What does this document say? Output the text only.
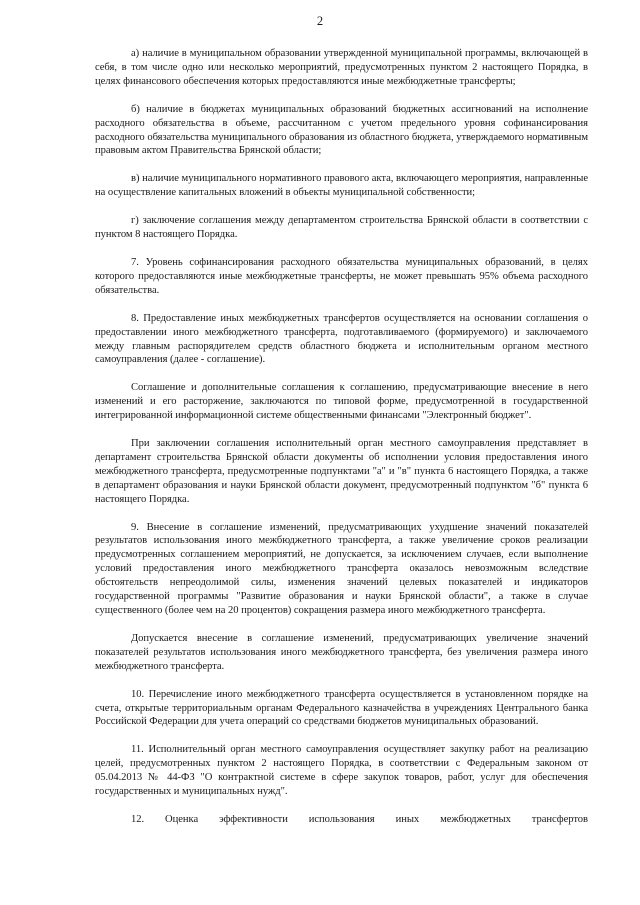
2

а) наличие в муниципальном образовании утвержденной муниципальной программы, включающей в себя, в том числе одно или несколько мероприятий, предусмотренных пунктом 2 настоящего Порядка, в целях финансового обеспечения которых предоставляются иные межбюджетные трансферты;

б) наличие в бюджетах муниципальных образований бюджетных ассигнований на исполнение расходного обязательства в объеме, рассчитанном с учетом предельного уровня софинансирования расходного обязательства муниципального образования из областного бюджета, утверждаемого нормативным правовым актом Правительства Брянской области;

в) наличие муниципального нормативного правового акта, включающего мероприятия, направленные на осуществление капитальных вложений в объекты муниципальной собственности;

г) заключение соглашения между департаментом строительства Брянской области в соответствии с пунктом 8 настоящего Порядка.

7. Уровень софинансирования расходного обязательства муниципальных образований, в целях которого предоставляются иные межбюджетные трансферты, не может превышать 95% объема расходного обязательства.

8. Предоставление иных межбюджетных трансфертов осуществляется на основании соглашения о предоставлении иного межбюджетного трансферта, подготавливаемого (формируемого) и заключаемого между главным распорядителем средств областного бюджета и исполнительным органом местного самоуправления (далее - соглашение).

Соглашение и дополнительные соглашения к соглашению, предусматривающие внесение в него изменений и его расторжение, заключаются по типовой форме, предусмотренной в государственной интегрированной информационной системе общественными финансами "Электронный бюджет".

При заключении соглашения исполнительный орган местного самоуправления представляет в департамент строительства Брянской области документы об исполнении условия предоставления иного межбюджетного трансферта, предусмотренные подпунктами "а" и "в" пункта 6 настоящего Порядка, а также в департамент образования и науки Брянской области документ, предусмотренный подпунктом "б" пункта 6 настоящего Порядка.

9. Внесение в соглашение изменений, предусматривающих ухудшение значений показателей результатов использования иного межбюджетного трансферта, а также увеличение сроков реализации предусмотренных соглашением мероприятий, не допускается, за исключением случаев, если выполнение условий предоставления иного межбюджетного трансферта оказалось невозможным вследствие обстоятельств непреодолимой силы, изменения значений целевых показателей и индикаторов государственной программы "Развитие образования и науки Брянской области", а также в случае существенного (более чем на 20 процентов) сокращения размера иного межбюджетного трансферта.

Допускается внесение в соглашение изменений, предусматривающих увеличение значений показателей результатов использования иного межбюджетного трансферта, без увеличения размера иного межбюджетного трансферта.

10. Перечисление иного межбюджетного трансферта осуществляется в установленном порядке на счета, открытые территориальным органам Федерального казначейства в учреждениях Центрального банка Российской Федерации для учета операций со средствами бюджетов муниципальных образований.

11. Исполнительный орган местного самоуправления осуществляет закупку работ на реализацию целей, предусмотренных пунктом 2 настоящего Порядка, в соответствии с Федеральным законом от 05.04.2013 № 44-ФЗ "О контрактной системе в сфере закупок товаров, работ, услуг для обеспечения государственных и муниципальных нужд".

12. Оценка эффективности использования иных межбюджетных трансфертов
